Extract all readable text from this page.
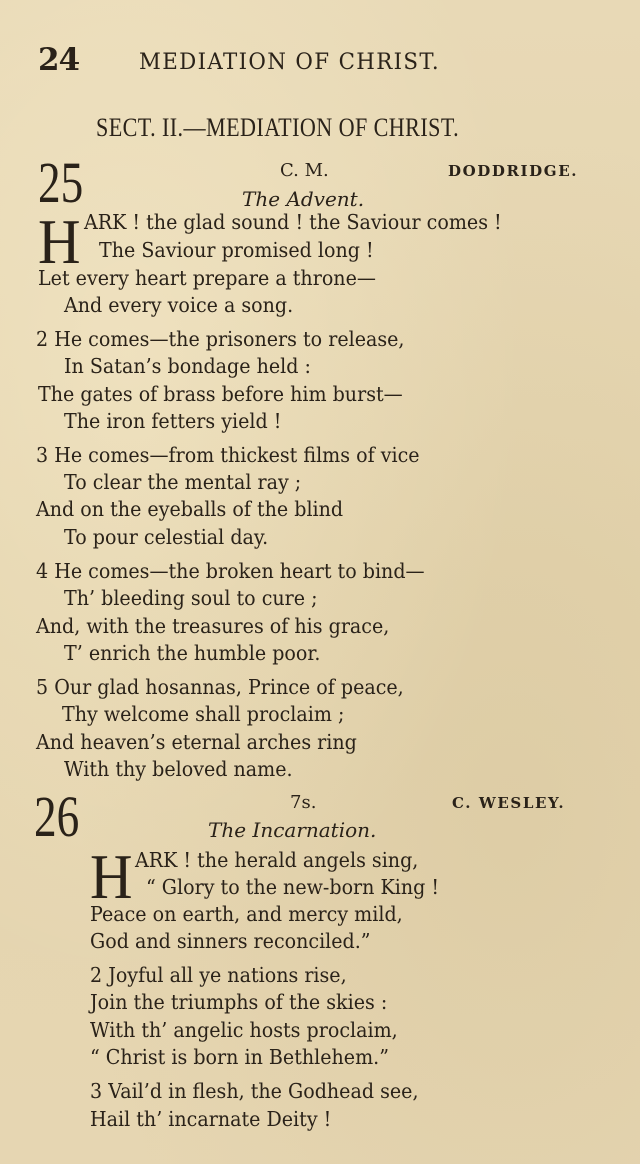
24	MEDIATION OF CHRIST.
SECT. II.—MEDIATION OF CHRIST.
25	C. M.	DODDRIDGE.
The Advent.
H ARK ! the glad sound ! the Saviour comes !
The Saviour promised long !
Let every heart prepare a throne—
And every voice a song.
2 He comes—the prisoners to release,
In Satan’s bondage held :
The gates of brass before him burst—
The iron fetters yield !
3 He comes—from thickest films of vice
To clear the mental ray ;
And on the eyeballs of the blind
To pour celestial day.
4 He comes—the broken heart to bind—
Th’ bleeding soul to cure ;
And, with the treasures of his grace,
T’ enrich the humble poor.
5 Our glad hosannas, Prince of peace,
Thy welcome shall proclaim ;
And heaven’s eternal arches ring
With thy beloved name.
26	7s.	C. WESLEY.
The Incarnation.
H ARK ! the herald angels sing,
“ Glory to the new-born King !
Peace on earth, and mercy mild,
God and sinners reconciled.”
2 Joyful all ye nations rise,
Join the triumphs of the skies :
With th’ angelic hosts proclaim,
“ Christ is born in Bethlehem.”
3 Vail’d in flesh, the Godhead see,
Hail th’ incarnate Deity !
